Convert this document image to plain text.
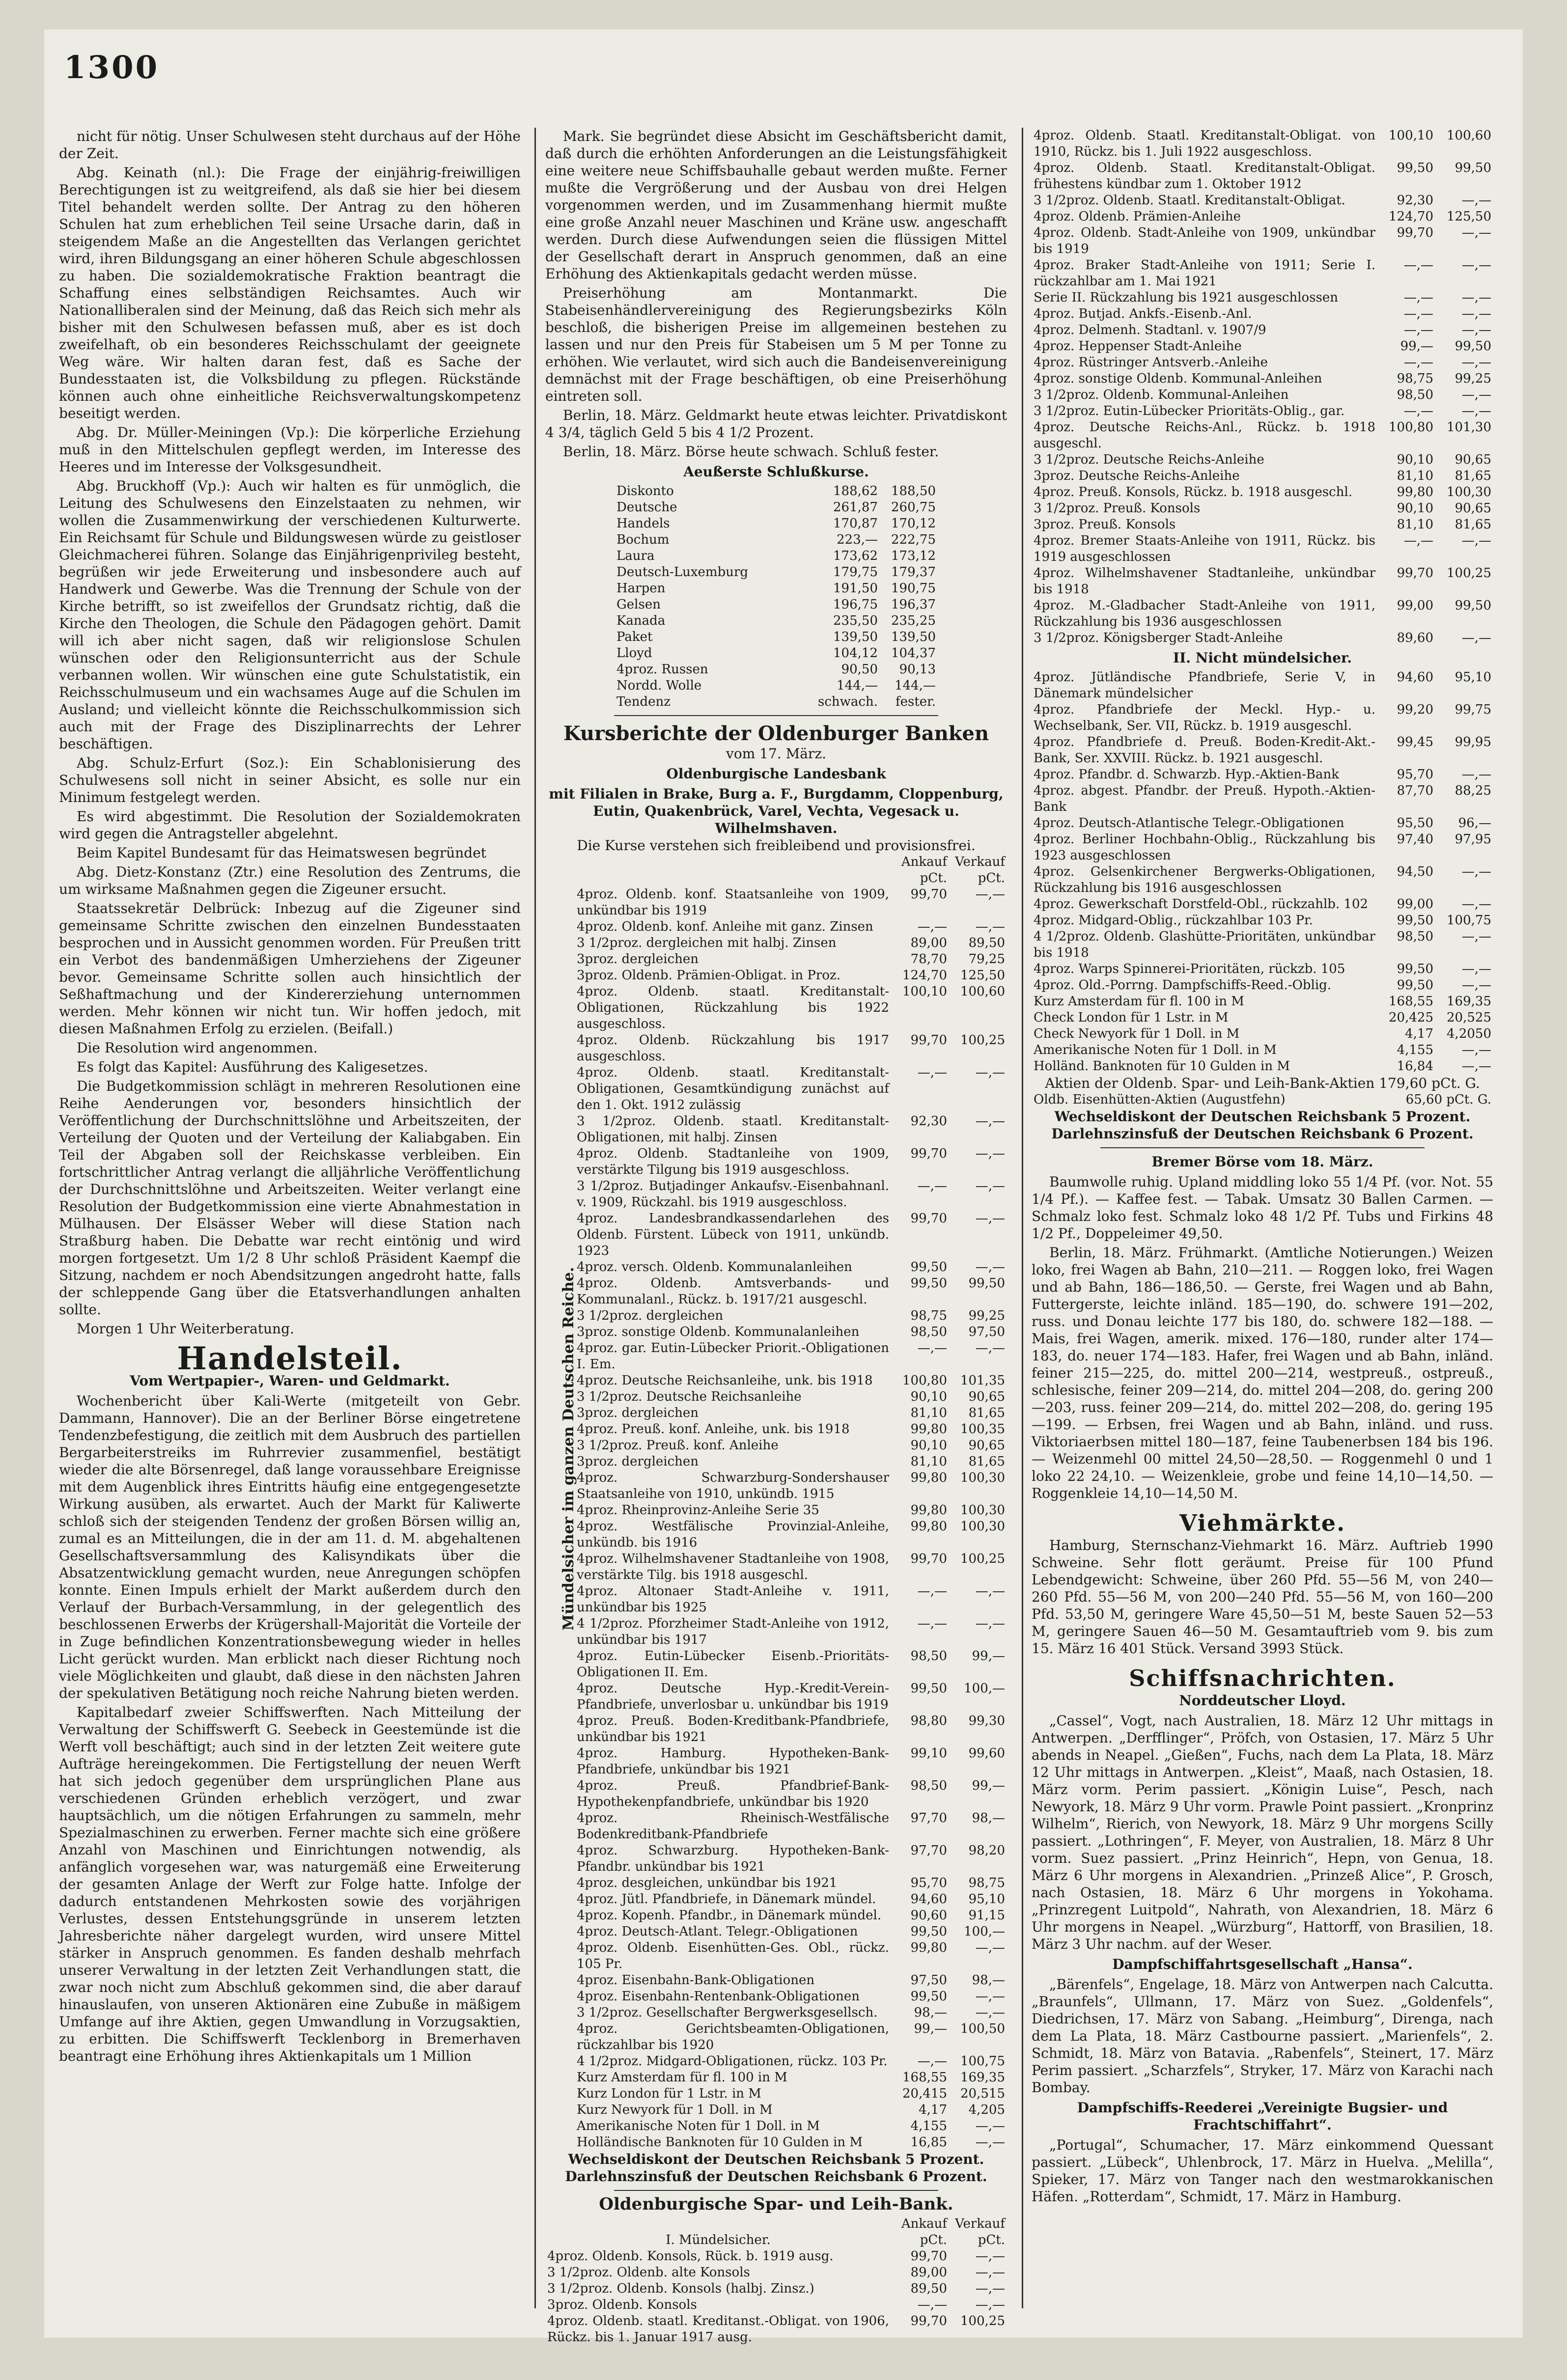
1300

nicht für nötig. Unser Schulwesen steht durchaus auf der Höhe der Zeit.

Abg. Keinath (nl.): Die Frage der einjährig-freiwilligen Berechtigungen ist zu weitgreifend, als daß sie hier bei diesem Titel behandelt werden sollte. Der Antrag zu den höheren Schulen hat zum erheblichen Teil seine Ursache darin, daß in steigendem Maße an die Angestellten das Verlangen gerichtet wird, ihren Bildungsgang an einer höheren Schule abgeschlossen zu haben. Die sozialdemokratische Fraktion beantragt die Schaffung eines selbständigen Reichsamtes. Auch wir Nationalliberalen sind der Meinung, daß das Reich sich mehr als bisher mit den Schulwesen befassen muß, aber es ist doch zweifelhaft, ob ein besonderes Reichsschulamt der geeignete Weg wäre. Wir halten daran fest, daß es Sache der Bundesstaaten ist, die Volksbildung zu pflegen. Rückstände können auch ohne einheitliche Reichsverwaltungskompetenz beseitigt werden.

Abg. Dr. Müller-Meiningen (Vp.): Die körperliche Erziehung muß in den Mittelschulen gepflegt werden, im Interesse des Heeres und im Interesse der Volksgesundheit.

Abg. Bruckhoff (Vp.): Auch wir halten es für unmöglich, die Leitung des Schulwesens den Einzelstaaten zu nehmen, wir wollen die Zusammenwirkung der verschiedenen Kulturwerte. Ein Reichsamt für Schule und Bildungswesen würde zu geistloser Gleichmacherei führen. Solange das Einjährigenprivileg besteht, begrüßen wir jede Erweiterung und insbesondere auch auf Handwerk und Gewerbe. Was die Trennung der Schule von der Kirche betrifft, so ist zweifellos der Grundsatz richtig, daß die Kirche den Theologen, die Schule den Pädagogen gehört. Damit will ich aber nicht sagen, daß wir religionslose Schulen wünschen oder den Religionsunterricht aus der Schule verbannen wollen. Wir wünschen eine gute Schulstatistik, ein Reichsschulmuseum und ein wachsames Auge auf die Schulen im Ausland; und vielleicht könnte die Reichsschulkommission sich auch mit der Frage des Disziplinarrechts der Lehrer beschäftigen.

Abg. Schulz-Erfurt (Soz.): Ein Schablonisierung des Schulwesens soll nicht in seiner Absicht, es solle nur ein Minimum festgelegt werden.

Es wird abgestimmt. Die Resolution der Sozialdemokraten wird gegen die Antragsteller abgelehnt.

Beim Kapitel Bundesamt für das Heimatswesen begründet

Abg. Dietz-Konstanz (Ztr.) eine Resolution des Zentrums, die um wirksame Maßnahmen gegen die Zigeuner ersucht.

Staatssekretär Delbrück: Inbezug auf die Zigeuner sind gemeinsame Schritte zwischen den einzelnen Bundesstaaten besprochen und in Aussicht genommen worden. Für Preußen tritt ein Verbot des bandenmäßigen Umherziehens der Zigeuner bevor. Gemeinsame Schritte sollen auch hinsichtlich der Seßhaftmachung und der Kindererziehung unternommen werden. Mehr können wir nicht tun. Wir hoffen jedoch, mit diesen Maßnahmen Erfolg zu erzielen. (Beifall.)

Die Resolution wird angenommen.

Es folgt das Kapitel: Ausführung des Kaligesetzes.

Die Budgetkommission schlägt in mehreren Resolutionen eine Reihe Aenderungen vor, besonders hinsichtlich der Veröffentlichung der Durchschnittslöhne und Arbeitszeiten, der Verteilung der Quoten und der Verteilung der Kaliabgaben. Ein Teil der Abgaben soll der Reichskasse verbleiben. Ein fortschrittlicher Antrag verlangt die alljährliche Veröffentlichung der Durchschnittslöhne und Arbeitszeiten. Weiter verlangt eine Resolution der Budgetkommission eine vierte Abnahmestation in Mülhausen. Der Elsässer Weber will diese Station nach Straßburg haben. Die Debatte war recht eintönig und wird morgen fortgesetzt. Um 1/2 8 Uhr schloß Präsident Kaempf die Sitzung, nachdem er noch Abendsitzungen angedroht hatte, falls der schleppende Gang über die Etatsverhandlungen anhalten sollte.

Morgen 1 Uhr Weiterberatung.

Handelsteil.
Vom Wertpapier-, Waren- und Geldmarkt.

Wochenbericht über Kali-Werte (mitgeteilt von Gebr. Dammann, Hannover). Die an der Berliner Börse eingetretene Tendenzbefestigung, die zeitlich mit dem Ausbruch des partiellen Bergarbeiterstreiks im Ruhrrevier zusammenfiel, bestätigt wieder die alte Börsenregel, daß lange voraussehbare Ereignisse mit dem Augenblick ihres Eintritts häufig eine entgegengesetzte Wirkung ausüben, als erwartet. Auch der Markt für Kaliwerte schloß sich der steigenden Tendenz der großen Börsen willig an, zumal es an Mitteilungen, die in der am 11. d. M. abgehaltenen Gesellschaftsversammlung des Kalisyndikats über die Absatzentwicklung gemacht wurden, neue Anregungen schöpfen konnte. Einen Impuls erhielt der Markt außerdem durch den Verlauf der Burbach-Versammlung, in der gelegentlich des beschlossenen Erwerbs der Krügershall-Majorität die Vorteile der in Zuge befindlichen Konzentrationsbewegung wieder in helles Licht gerückt wurden. Man erblickt nach dieser Richtung noch viele Möglichkeiten und glaubt, daß diese in den nächsten Jahren der spekulativen Betätigung noch reiche Nahrung bieten werden.

Kapitalbedarf zweier Schiffswerften. Nach Mitteilung der Verwaltung der Schiffswerft G. Seebeck in Geestemünde ist die Werft voll beschäftigt; auch sind in der letzten Zeit weitere gute Aufträge hereingekommen. Die Fertigstellung der neuen Werft hat sich jedoch gegenüber dem ursprünglichen Plane aus verschiedenen Gründen erheblich verzögert, und zwar hauptsächlich, um die nötigen Erfahrungen zu sammeln, mehr Spezialmaschinen zu erwerben. Ferner machte sich eine größere Anzahl von Maschinen und Einrichtungen notwendig, als anfänglich vorgesehen war, was naturgemäß eine Erweiterung der gesamten Anlage der Werft zur Folge hatte. Infolge der dadurch entstandenen Mehrkosten sowie des vorjährigen Verlustes, dessen Entstehungsgründe in unserem letzten Jahresberichte näher dargelegt wurden, wird unsere Mittel stärker in Anspruch genommen. Es fanden deshalb mehrfach unserer Verwaltung in der letzten Zeit Verhandlungen statt, die zwar noch nicht zum Abschluß gekommen sind, die aber darauf hinauslaufen, von unseren Aktionären eine Zubuße in mäßigem Umfange auf ihre Aktien, gegen Umwandlung in Vorzugsaktien, zu erbitten. Die Schiffswerft Tecklenborg in Bremerhaven beantragt eine Erhöhung ihres Aktienkapitals um 1 Million

Mark. Sie begründet diese Absicht im Geschäftsbericht damit, daß durch die erhöhten Anforderungen an die Leistungsfähigkeit eine weitere neue Schiffsbauhalle gebaut werden mußte. Ferner mußte die Vergrößerung und der Ausbau von drei Helgen vorgenommen werden, und im Zusammenhang hiermit mußte eine große Anzahl neuer Maschinen und Kräne usw. angeschafft werden. Durch diese Aufwendungen seien die flüssigen Mittel der Gesellschaft derart in Anspruch genommen, daß an eine Erhöhung des Aktienkapitals gedacht werden müsse.

Preiserhöhung am Montanmarkt. Die Stabeisenhändlervereinigung des Regierungsbezirks Köln beschloß, die bisherigen Preise im allgemeinen bestehen zu lassen und nur den Preis für Stabeisen um 5 M per Tonne zu erhöhen. Wie verlautet, wird sich auch die Bandeisenvereinigung demnächst mit der Frage beschäftigen, ob eine Preiserhöhung eintreten soll.

Berlin, 18. März. Geldmarkt heute etwas leichter. Privatdiskont 4 3/4, täglich Geld 5 bis 4 1/2 Prozent.

Berlin, 18. März. Börse heute schwach. Schluß fester.

Aeußerste Schlußkurse.
Diskonto	188,62	188,50
Deutsche	261,87	260,75
Handels	170,87	170,12
Bochum	223,—	222,75
Laura	173,62	173,12
Deutsch-Luxemburg	179,75	179,37
Harpen	191,50	190,75
Gelsen	196,75	196,37
Kanada	235,50	235,25
Paket	139,50	139,50
Lloyd	104,12	104,37
4proz. Russen	90,50	90,13
Nordd. Wolle	144,—	144,—
Tendenz	schwach.	fester.
Kursberichte der Oldenburger Banken
vom 17. März.
Oldenburgische Landesbank
mit Filialen in Brake, Burg a. F., Burgdamm, Cloppenburg, Eutin, Quakenbrück, Varel, Vechta, Vegesack u. Wilhelmshaven.
Die Kurse verstehen sich freibleibend und provisionsfrei.
	Ankauf	Verkauf
	pCt.	pCt.
4proz. Oldenb. konf. Staatsanleihe von 1909, unkündbar bis 1919	99,70	—,—
4proz. Oldenb. konf. Anleihe mit ganz. Zinsen	—,—	—,—
3 1/2proz. dergleichen mit halbj. Zinsen	89,00	89,50
3proz. dergleichen	78,70	79,25
3proz. Oldenb. Prämien-Obligat. in Proz.	124,70	125,50
4proz. Oldenb. staatl. Kreditanstalt-Obligationen, Rückzahlung bis 1922 ausgeschloss.	100,10	100,60
4proz. Oldenb. Rückzahlung bis 1917 ausgeschloss.	99,70	100,25
4proz. Oldenb. staatl. Kreditanstalt-Obligationen, Gesamtkündigung zunächst auf den 1. Okt. 1912 zulässig	—,—	—,—
3 1/2proz. Oldenb. staatl. Kreditanstalt-Obligationen, mit halbj. Zinsen	92,30	—,—
4proz. Oldenb. Stadtanleihe von 1909, verstärkte Tilgung bis 1919 ausgeschloss.	99,70	—,—
3 1/2proz. Butjadinger Ankaufsv.-Eisenbahnanl. v. 1909, Rückzahl. bis 1919 ausgeschloss.	—,—	—,—
4proz. Landesbrandkassendarlehen des Oldenb. Fürstent. Lübeck von 1911, unkündb. 1923	99,70	—,—
4proz. versch. Oldenb. Kommunalanleihen	99,50	—,—
4proz. Oldenb. Amtsverbands- und Kommunalanl., Rückz. b. 1917/21 ausgeschl.	99,50	99,50
3 1/2proz. dergleichen	98,75	99,25
3proz. sonstige Oldenb. Kommunalanleihen	98,50	97,50
4proz. gar. Eutin-Lübecker Priorit.-Obligationen I. Em.	—,—	—,—
4proz. Deutsche Reichsanleihe, unk. bis 1918	100,80	101,35
3 1/2proz. Deutsche Reichsanleihe	90,10	90,65
3proz. dergleichen	81,10	81,65
4proz. Preuß. konf. Anleihe, unk. bis 1918	99,80	100,35
3 1/2proz. Preuß. konf. Anleihe	90,10	90,65
3proz. dergleichen	81,10	81,65
4proz. Schwarzburg-Sondershauser Staatsanleihe von 1910, unkündb. 1915	99,80	100,30
4proz. Rheinprovinz-Anleihe Serie 35	99,80	100,30
4proz. Westfälische Provinzial-Anleihe, unkündb. bis 1916	99,80	100,30
4proz. Wilhelmshavener Stadtanleihe von 1908, verstärkte Tilg. bis 1918 ausgeschl.	99,70	100,25
4proz. Altonaer Stadt-Anleihe v. 1911, unkündbar bis 1925	—,—	—,—
4 1/2proz. Pforzheimer Stadt-Anleihe von 1912, unkündbar bis 1917	—,—	—,—
4proz. Eutin-Lübecker Eisenb.-Prioritäts-Obligationen II. Em.	98,50	99,—
4proz. Deutsche Hyp.-Kredit-Verein-Pfandbriefe, unverlosbar u. unkündbar bis 1919	99,50	100,—
4proz. Preuß. Boden-Kreditbank-Pfandbriefe, unkündbar bis 1921	98,80	99,30
4proz. Hamburg. Hypotheken-Bank-Pfandbriefe, unkündbar bis 1921	99,10	99,60
4proz. Preuß. Pfandbrief-Bank-Hypothekenpfandbriefe, unkündbar bis 1920	98,50	99,—
4proz. Rheinisch-Westfälische Bodenkreditbank-Pfandbriefe	97,70	98,—
4proz. Schwarzburg. Hypotheken-Bank-Pfandbr. unkündbar bis 1921	97,70	98,20
4proz. desgleichen, unkündbar bis 1921	95,70	98,75
4proz. Jütl. Pfandbriefe, in Dänemark mündel.	94,60	95,10
4proz. Kopenh. Pfandbr., in Dänemark mündel.	90,60	91,15
4proz. Deutsch-Atlant. Telegr.-Obligationen	99,50	100,—
4proz. Oldenb. Eisenhütten-Ges. Obl., rückz. 105 Pr.	99,80	—,—
4proz. Eisenbahn-Bank-Obligationen	97,50	98,—
4proz. Eisenbahn-Rentenbank-Obligationen	99,50	—,—
3 1/2proz. Gesellschafter Bergwerksgesellsch.	98,—	—,—
4proz. Gerichtsbeamten-Obligationen, rückzahlbar bis 1920	99,—	100,50
4 1/2proz. Midgard-Obligationen, rückz. 103 Pr.	—,—	100,75
Kurz Amsterdam für fl. 100 in M	168,55	169,35
Kurz London für 1 Lstr. in M	20,415	20,515
Kurz Newyork für 1 Doll. in M	4,17	4,205
Amerikanische Noten für 1 Doll. in M	4,155	—,—
Holländische Banknoten für 10 Gulden in M	16,85	—,—
Wechseldiskont der Deutschen Reichsbank 5 Prozent.
Darlehnszinsfuß der Deutschen Reichsbank 6 Prozent.
Oldenburgische Spar- und Leih-Bank.
	Ankauf	Verkauf
I. Mündelsicher.	pCt.	pCt.
4proz. Oldenb. Konsols, Rück. b. 1919 ausg.	99,70	—,—
3 1/2proz. Oldenb. alte Konsols	89,00	—,—
3 1/2proz. Oldenb. Konsols (halbj. Zinsz.)	89,50	—,—
3proz. Oldenb. Konsols	—,—	—,—
4proz. Oldenb. staatl. Kreditanst.-Obligat. von 1906, Rückz. bis 1. Januar 1917 ausg.	99,70	100,25
Mündelsicher im ganzen Deutschen Reiche.
4proz. Oldenb. Staatl. Kreditanstalt-Obligat. von 1910, Rückz. bis 1. Juli 1922 ausgeschloss.	100,10	100,60
4proz. Oldenb. Staatl. Kreditanstalt-Obligat. frühestens kündbar zum 1. Oktober 1912	99,50	99,50
3 1/2proz. Oldenb. Staatl. Kreditanstalt-Obligat.	92,30	—,—
4proz. Oldenb. Prämien-Anleihe	124,70	125,50
4proz. Oldenb. Stadt-Anleihe von 1909, unkündbar bis 1919	99,70	—,—
4proz. Braker Stadt-Anleihe von 1911; Serie I. rückzahlbar am 1. Mai 1921	—,—	—,—
Serie II. Rückzahlung bis 1921 ausgeschlossen	—,—	—,—
4proz. Butjad. Ankfs.-Eisenb.-Anl.	—,—	—,—
4proz. Delmenh. Stadtanl. v. 1907/9	—,—	—,—
4proz. Heppenser Stadt-Anleihe	99,—	99,50
4proz. Rüstringer Antsverb.-Anleihe	—,—	—,—
4proz. sonstige Oldenb. Kommunal-Anleihen	98,75	99,25
3 1/2proz. Oldenb. Kommunal-Anleihen	98,50	—,—
3 1/2proz. Eutin-Lübecker Prioritäts-Oblig., gar.	—,—	—,—
4proz. Deutsche Reichs-Anl., Rückz. b. 1918 ausgeschl.	100,80	101,30
3 1/2proz. Deutsche Reichs-Anleihe	90,10	90,65
3proz. Deutsche Reichs-Anleihe	81,10	81,65
4proz. Preuß. Konsols, Rückz. b. 1918 ausgeschl.	99,80	100,30
3 1/2proz. Preuß. Konsols	90,10	90,65
3proz. Preuß. Konsols	81,10	81,65
4proz. Bremer Staats-Anleihe von 1911, Rückz. bis 1919 ausgeschlossen	—,—	—,—
4proz. Wilhelmshavener Stadtanleihe, unkündbar bis 1918	99,70	100,25
4proz. M.-Gladbacher Stadt-Anleihe von 1911, Rückzahlung bis 1936 ausgeschlossen	99,00	99,50
3 1/2proz. Königsberger Stadt-Anleihe	89,60	—,—
II. Nicht mündelsicher.
4proz. Jütländische Pfandbriefe, Serie V, in Dänemark mündelsicher	94,60	95,10
4proz. Pfandbriefe der Meckl. Hyp.- u. Wechselbank, Ser. VII, Rückz. b. 1919 ausgeschl.	99,20	99,75
4proz. Pfandbriefe d. Preuß. Boden-Kredit-Akt.-Bank, Ser. XXVIII. Rückz. b. 1921 ausgeschl.	99,45	99,95
4proz. Pfandbr. d. Schwarzb. Hyp.-Aktien-Bank	95,70	—,—
4proz. abgest. Pfandbr. der Preuß. Hypoth.-Aktien-Bank	87,70	88,25
4proz. Deutsch-Atlantische Telegr.-Obligationen	95,50	96,—
4proz. Berliner Hochbahn-Oblig., Rückzahlung bis 1923 ausgeschlossen	97,40	97,95
4proz. Gelsenkirchener Bergwerks-Obligationen, Rückzahlung bis 1916 ausgeschlossen	94,50	—,—
4proz. Gewerkschaft Dorstfeld-Obl., rückzahlb. 102	99,00	—,—
4proz. Midgard-Oblig., rückzahlbar 103 Pr.	99,50	100,75
4 1/2proz. Oldenb. Glashütte-Prioritäten, unkündbar bis 1918	98,50	—,—
4proz. Warps Spinnerei-Prioritäten, rückzb. 105	99,50	—,—
4proz. Old.-Porrng. Dampfschiffs-Reed.-Oblig.	99,50	—,—
Kurz Amsterdam für fl. 100 in M	168,55	169,35
Check London für 1 Lstr. in M	20,425	20,525
Check Newyork für 1 Doll. in M	4,17	4,2050
Amerikanische Noten für 1 Doll. in M	4,155	—,—
Holländ. Banknoten für 10 Gulden in M	16,84	—,—
Aktien der Oldenb. Spar- und Leih-Bank-Aktien 179,60 pCt. G.
Oldb. Eisenhütten-Aktien (Augustfehn)	65,60 pCt. G.
Wechseldiskont der Deutschen Reichsbank 5 Prozent.
Darlehnszinsfuß der Deutschen Reichsbank 6 Prozent.
Bremer Börse vom 18. März.

Baumwolle ruhig. Upland middling loko 55 1/4 Pf. (vor. Not. 55 1/4 Pf.). — Kaffee fest. — Tabak. Umsatz 30 Ballen Carmen. — Schmalz loko fest. Schmalz loko 48 1/2 Pf. Tubs und Firkins 48 1/2 Pf., Doppeleimer 49,50.

Berlin, 18. März. Frühmarkt. (Amtliche Notierungen.) Weizen loko, frei Wagen ab Bahn, 210—211. — Roggen loko, frei Wagen und ab Bahn, 186—186,50. — Gerste, frei Wagen und ab Bahn, Futtergerste, leichte inländ. 185—190, do. schwere 191—202, russ. und Donau leichte 177 bis 180, do. schwere 182—188. — Mais, frei Wagen, amerik. mixed. 176—180, runder alter 174—183, do. neuer 174—183. Hafer, frei Wagen und ab Bahn, inländ. feiner 215—225, do. mittel 200—214, westpreuß., ostpreuß., schlesische, feiner 209—214, do. mittel 204—208, do. gering 200—203, russ. feiner 209—214, do. mittel 202—208, do. gering 195—199. — Erbsen, frei Wagen und ab Bahn, inländ. und russ. Viktoriaerbsen mittel 180—187, feine Taubenerbsen 184 bis 196. — Weizenmehl 00 mittel 24,50—28,50. — Roggenmehl 0 und 1 loko 22 24,10. — Weizenkleie, grobe und feine 14,10—14,50. — Roggenkleie 14,10—14,50 M.

Viehmärkte.

Hamburg, Sternschanz-Viehmarkt 16. März. Auftrieb 1990 Schweine. Sehr flott geräumt. Preise für 100 Pfund Lebendgewicht: Schweine, über 260 Pfd. 55—56 M, von 240—260 Pfd. 55—56 M, von 200—240 Pfd. 55—56 M, von 160—200 Pfd. 53,50 M, geringere Ware 45,50—51 M, beste Sauen 52—53 M, geringere Sauen 46—50 M. Gesamtauftrieb vom 9. bis zum 15. März 16 401 Stück. Versand 3993 Stück.

Schiffsnachrichten.
Norddeutscher Lloyd.

„Cassel“, Vogt, nach Australien, 18. März 12 Uhr mittags in Antwerpen. „Derfflinger“, Pröfch, von Ostasien, 17. März 5 Uhr abends in Neapel. „Gießen“, Fuchs, nach dem La Plata, 18. März 12 Uhr mittags in Antwerpen. „Kleist“, Maaß, nach Ostasien, 18. März vorm. Perim passiert. „Königin Luise“, Pesch, nach Newyork, 18. März 9 Uhr vorm. Prawle Point passiert. „Kronprinz Wilhelm“, Rierich, von Newyork, 18. März 9 Uhr morgens Scilly passiert. „Lothringen“, F. Meyer, von Australien, 18. März 8 Uhr vorm. Suez passiert. „Prinz Heinrich“, Hepn, von Genua, 18. März 6 Uhr morgens in Alexandrien. „Prinzeß Alice“, P. Grosch, nach Ostasien, 18. März 6 Uhr morgens in Yokohama. „Prinzregent Luitpold“, Nahrath, von Alexandrien, 18. März 6 Uhr morgens in Neapel. „Würzburg“, Hattorff, von Brasilien, 18. März 3 Uhr nachm. auf der Weser.

Dampfschiffahrtsgesellschaft „Hansa“.

„Bärenfels“, Engelage, 18. März von Antwerpen nach Calcutta. „Braunfels“, Ullmann, 17. März von Suez. „Goldenfels“, Diedrichsen, 17. März von Sabang. „Heimburg“, Direnga, nach dem La Plata, 18. März Castbourne passiert. „Marienfels“, 2. Schmidt, 18. März von Batavia. „Rabenfels“, Steinert, 17. März Perim passiert. „Scharzfels“, Stryker, 17. März von Karachi nach Bombay.

Dampfschiffs-Reederei „Vereinigte Bugsier- und Frachtschiffahrt“.

„Portugal“, Schumacher, 17. März einkommend Quessant passiert. „Lübeck“, Uhlenbrock, 17. März in Huelva. „Melilla“, Spieker, 17. März von Tanger nach den westmarokkanischen Häfen. „Rotterdam“, Schmidt, 17. März in Hamburg.
